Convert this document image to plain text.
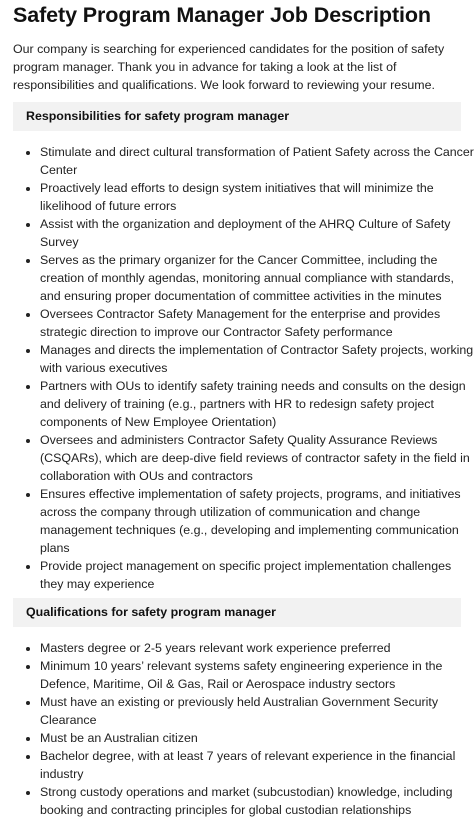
Safety Program Manager Job Description

Our company is searching for experienced candidates for the position of safety program manager. Thank you in advance for taking a look at the list of responsibilities and qualifications. We look forward to reviewing your resume.

Responsibilities for safety program manager
• Stimulate and direct cultural transformation of Patient Safety across the Cancer Center
• Proactively lead efforts to design system initiatives that will minimize the likelihood of future errors
• Assist with the organization and deployment of the AHRQ Culture of Safety Survey
• Serves as the primary organizer for the Cancer Committee, including the creation of monthly agendas, monitoring annual compliance with standards, and ensuring proper documentation of committee activities in the minutes
• Oversees Contractor Safety Management for the enterprise and provides strategic direction to improve our Contractor Safety performance
• Manages and directs the implementation of Contractor Safety projects, working with various executives
• Partners with OUs to identify safety training needs and consults on the design and delivery of training (e.g., partners with HR to redesign safety project components of New Employee Orientation)
• Oversees and administers Contractor Safety Quality Assurance Reviews (CSQARs), which are deep-dive field reviews of contractor safety in the field in collaboration with OUs and contractors
• Ensures effective implementation of safety projects, programs, and initiatives across the company through utilization of communication and change management techniques (e.g., developing and implementing communication plans
• Provide project management on specific project implementation challenges they may experience
Qualifications for safety program manager
• Masters degree or 2-5 years relevant work experience preferred
• Minimum 10 years’ relevant systems safety engineering experience in the Defence, Maritime, Oil & Gas, Rail or Aerospace industry sectors
• Must have an existing or previously held Australian Government Security Clearance
• Must be an Australian citizen
• Bachelor degree, with at least 7 years of relevant experience in the financial industry
• Strong custody operations and market (subcustodian) knowledge, including booking and contracting principles for global custodian relationships
